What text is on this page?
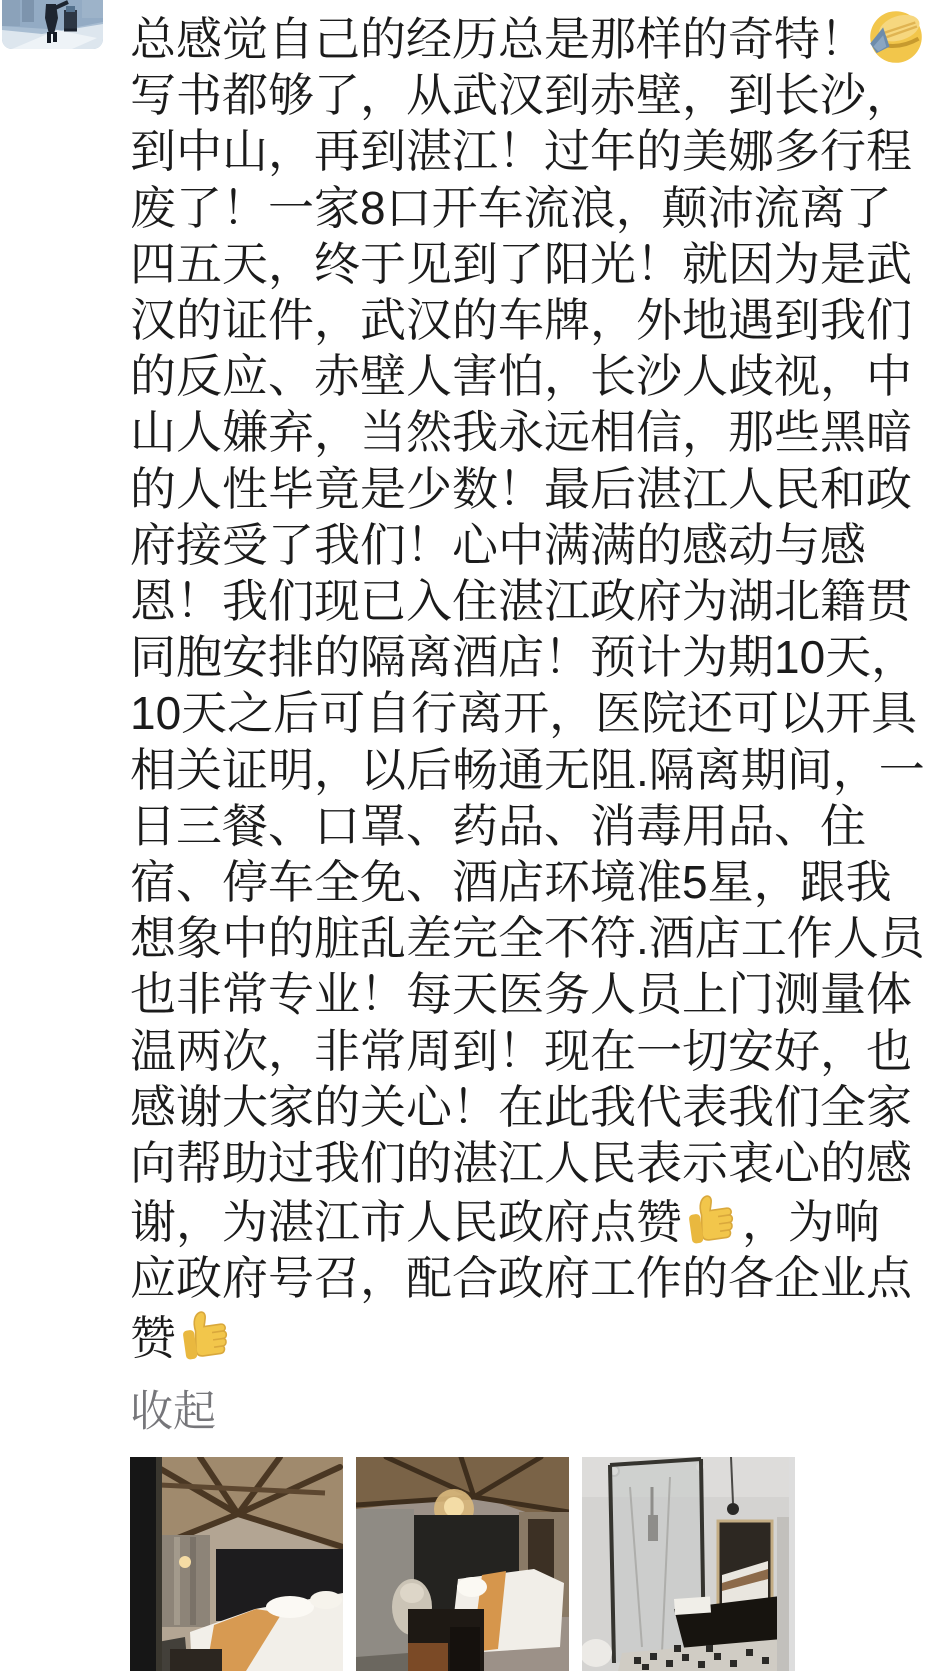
总感觉自己的经历总是那样的奇特！
写书都够了，从武汉到赤壁，到长沙，
到中山，再到湛江！过年的美娜多行程
废了！一家8口开车流浪，颠沛流离了
四五天，终于见到了阳光！就因为是武
汉的证件，武汉的车牌，外地遇到我们
的反应、赤壁人害怕，长沙人歧视，中
山人嫌弃，当然我永远相信，那些黑暗
的人性毕竟是少数！最后湛江人民和政
府接受了我们！心中满满的感动与感
恩！我们现已入住湛江政府为湖北籍贯
同胞安排的隔离酒店！预计为期10天，
10天之后可自行离开，医院还可以开具
相关证明，以后畅通无阻.隔离期间，一
日三餐、口罩、药品、消毒用品、住
宿、停车全免、酒店环境准5星，跟我
想象中的脏乱差完全不符.酒店工作人员
也非常专业！每天医务人员上门测量体
温两次，非常周到！现在一切安好，也
感谢大家的关心！在此我代表我们全家
向帮助过我们的湛江人民表示衷心的感
谢，为湛江市人民政府点赞 ，为响
应政府号召，配合政府工作的各企业点
赞
收起
